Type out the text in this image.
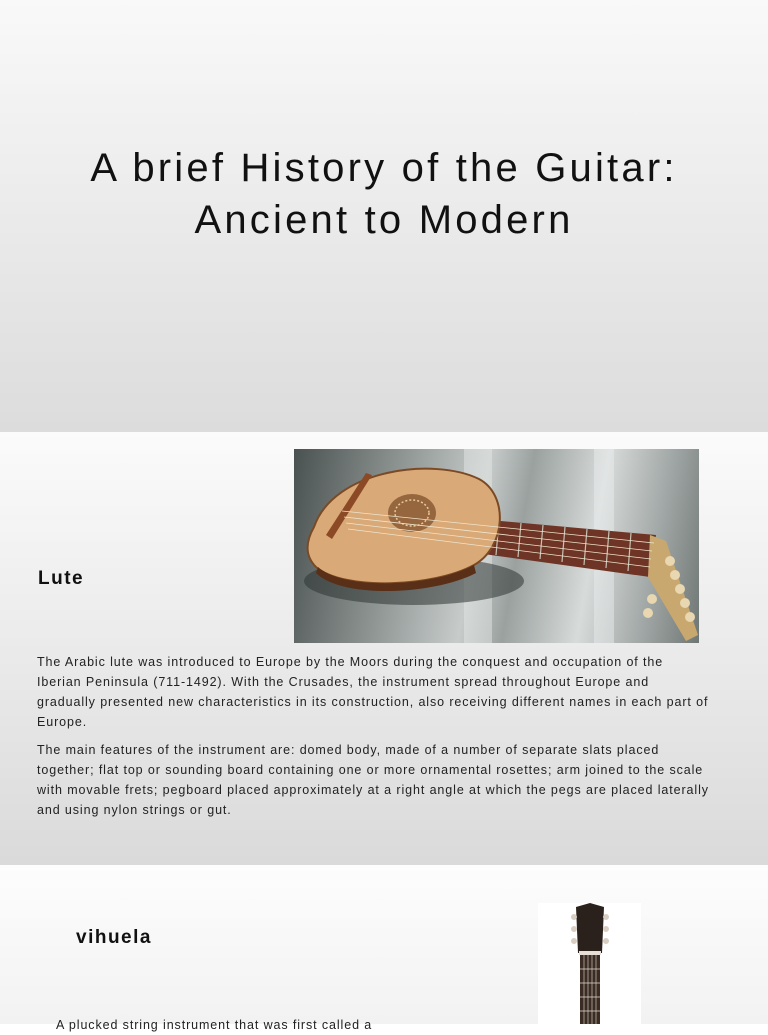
A brief History of the Guitar:
Ancient to Modern
Lute

The Arabic lute was introduced to Europe by the Moors during the conquest and occupation of the Iberian Peninsula (711-1492). With the Crusades, the instrument spread throughout Europe and gradually presented new characteristics in its construction, also receiving different names in each part of Europe.

The main features of the instrument are: domed body, made of a number of separate slats placed together; flat top or sounding board containing one or more ornamental rosettes; arm joined to the scale with movable frets; pegboard placed approximately at a right angle at which the pegs are placed laterally and using nylon strings or gut.

vihuela

A plucked string instrument that was first called a
